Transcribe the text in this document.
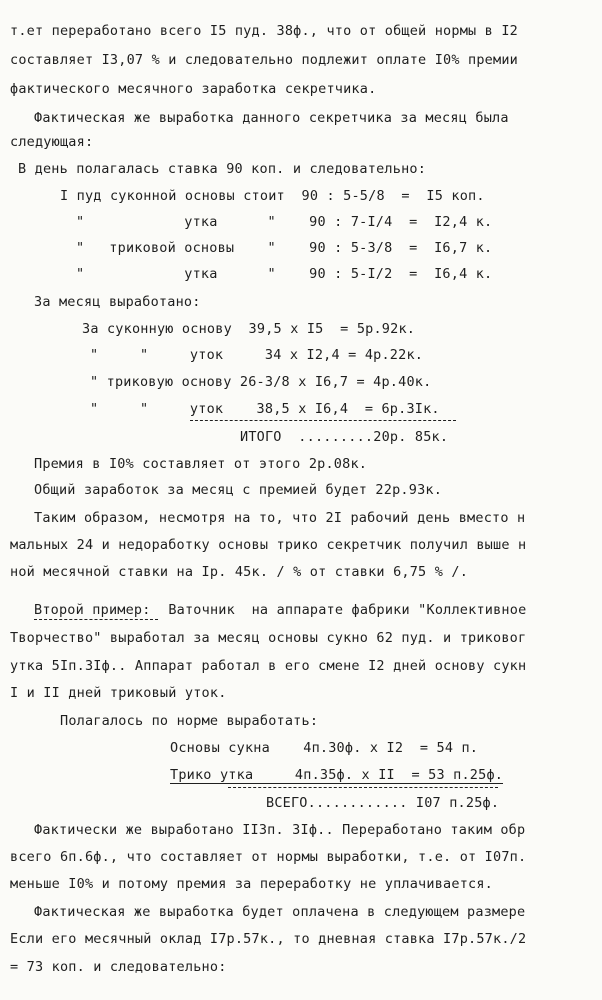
т.ет перерaботано всего I5 пуд. 38ф., что от общей нормы в I2
составляет I3,07 % и следовательно подлежит оплате I0% премии
фактического месячного заработка секретчика.
Фактическая же выработка данного секретчика за месяц была
следующая:
В день полагалась ставка 90 коп. и следовательно:
I пуд суконной основы стоит  90 : 5-5/8  =  I5 коп.
"            утка      "    90 : 7-I/4  =  I2,4 к.
"   триковой основы    "    90 : 5-3/8  =  I6,7 к.
"            утка      "    90 : 5-I/2  =  I6,4 к.
За месяц выработано:
За суконную основу  39,5 х I5  = 5р.92к.
"     "     уток     34 х I2,4 = 4р.22к.
" триковую основу 26-3/8 х I6,7 = 4р.40к.
"     "     уток    38,5 х I6,4  = 6р.3Iк.
ИТОГО  .........20р. 85к.
Премия в I0% составляет от этого 2р.08к.
Общий заработок за месяц с премией будет 22р.93к.
Таким образом, несмотря на то, что 2I рабочий день вместо н
мальных 24 и недоработку основы трико секретчик получил выше н
ной месячной ставки на Iр. 45к. / % от ставки 6,75 % /.
Второй пример: Ваточник  на аппарате фабрики "Коллективное
Творчество" выработал за месяц основы сукно 62 пуд. и триковог
утка 5Iп.3Iф.. Аппарат работал в его смене I2 дней основу сукн
I и II дней триковый уток.
Полагалось по норме выработать:
Основы сукна    4п.30ф. х I2  = 54 п.
Трико утка     4п.35ф. х II  = 53 п.25ф.
ВСЕГО............ I07 п.25ф.
Фактически же выработано II3п. 3Iф.. Переработано таким обр
всего 6п.6ф., что составляет от нормы выработки, т.е. от I07п.
меньше I0% и потому премия за переработку не уплачивается.
Фактическая же выработка будет оплачена в следующем размере
Если его месячный оклад I7р.57к., то дневная ставка I7р.57к./2
= 73 коп. и следовательно:
